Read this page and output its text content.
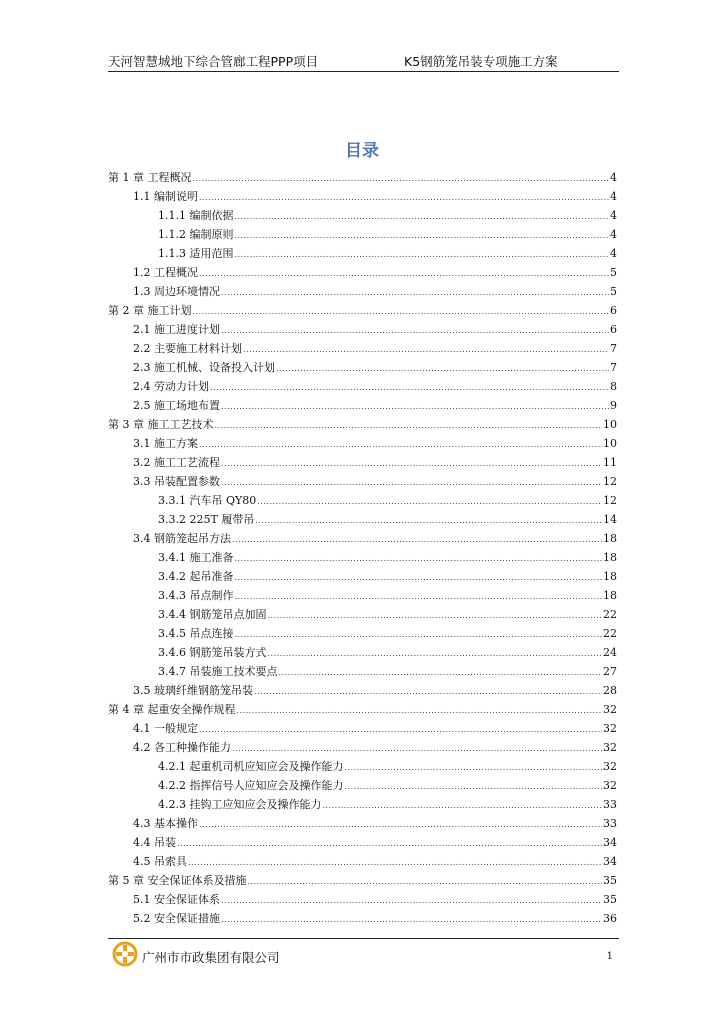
天河智慧城地下综合管廊工程PPP项目	K5钢筋笼吊装专项施工方案
目录
第 1 章 工程概况 .....	4
1.1 编制说明 .....	4
1.1.1 编制依据 .....	4
1.1.2 编制原则 .....	4
1.1.3 适用范围 .....	4
1.2 工程概况 .....	5
1.3 周边环境情况 .....	5
第 2 章 施工计划 .....	6
2.1 施工进度计划 .....	6
2.2 主要施工材料计划 .....	7
2.3 施工机械、设备投入计划 .....	7
2.4 劳动力计划 .....	8
2.5 施工场地布置 .....	9
第 3 章 施工工艺技术 .....	10
3.1 施工方案 .....	10
3.2 施工工艺流程 .....	11
3.3 吊装配置参数 .....	12
3.3.1 汽车吊 QY80 .....	12
3.3.2 225T 履带吊 .....	14
3.4 钢筋笼起吊方法 .....	18
3.4.1 施工准备 .....	18
3.4.2 起吊准备 .....	18
3.4.3 吊点制作 .....	18
3.4.4 钢筋笼吊点加固 .....	22
3.4.5 吊点连接 .....	22
3.4.6 钢筋笼吊装方式 .....	24
3.4.7 吊装施工技术要点 .....	27
3.5 玻璃纤维钢筋笼吊装 .....	28
第 4 章 起重安全操作规程 .....	32
4.1 一般规定 .....	32
4.2 各工种操作能力 .....	32
4.2.1 起重机司机应知应会及操作能力 .....	32
4.2.2 指挥信号人应知应会及操作能力 .....	32
4.2.3 挂钩工应知应会及操作能力 .....	33
4.3 基本操作 .....	33
4.4 吊装 .....	34
4.5 吊索具 .....	34
第 5 章 安全保证体系及措施 .....	35
5.1 安全保证体系 .....	35
5.2 安全保证措施 .....	36
广州市市政集团有限公司	1
